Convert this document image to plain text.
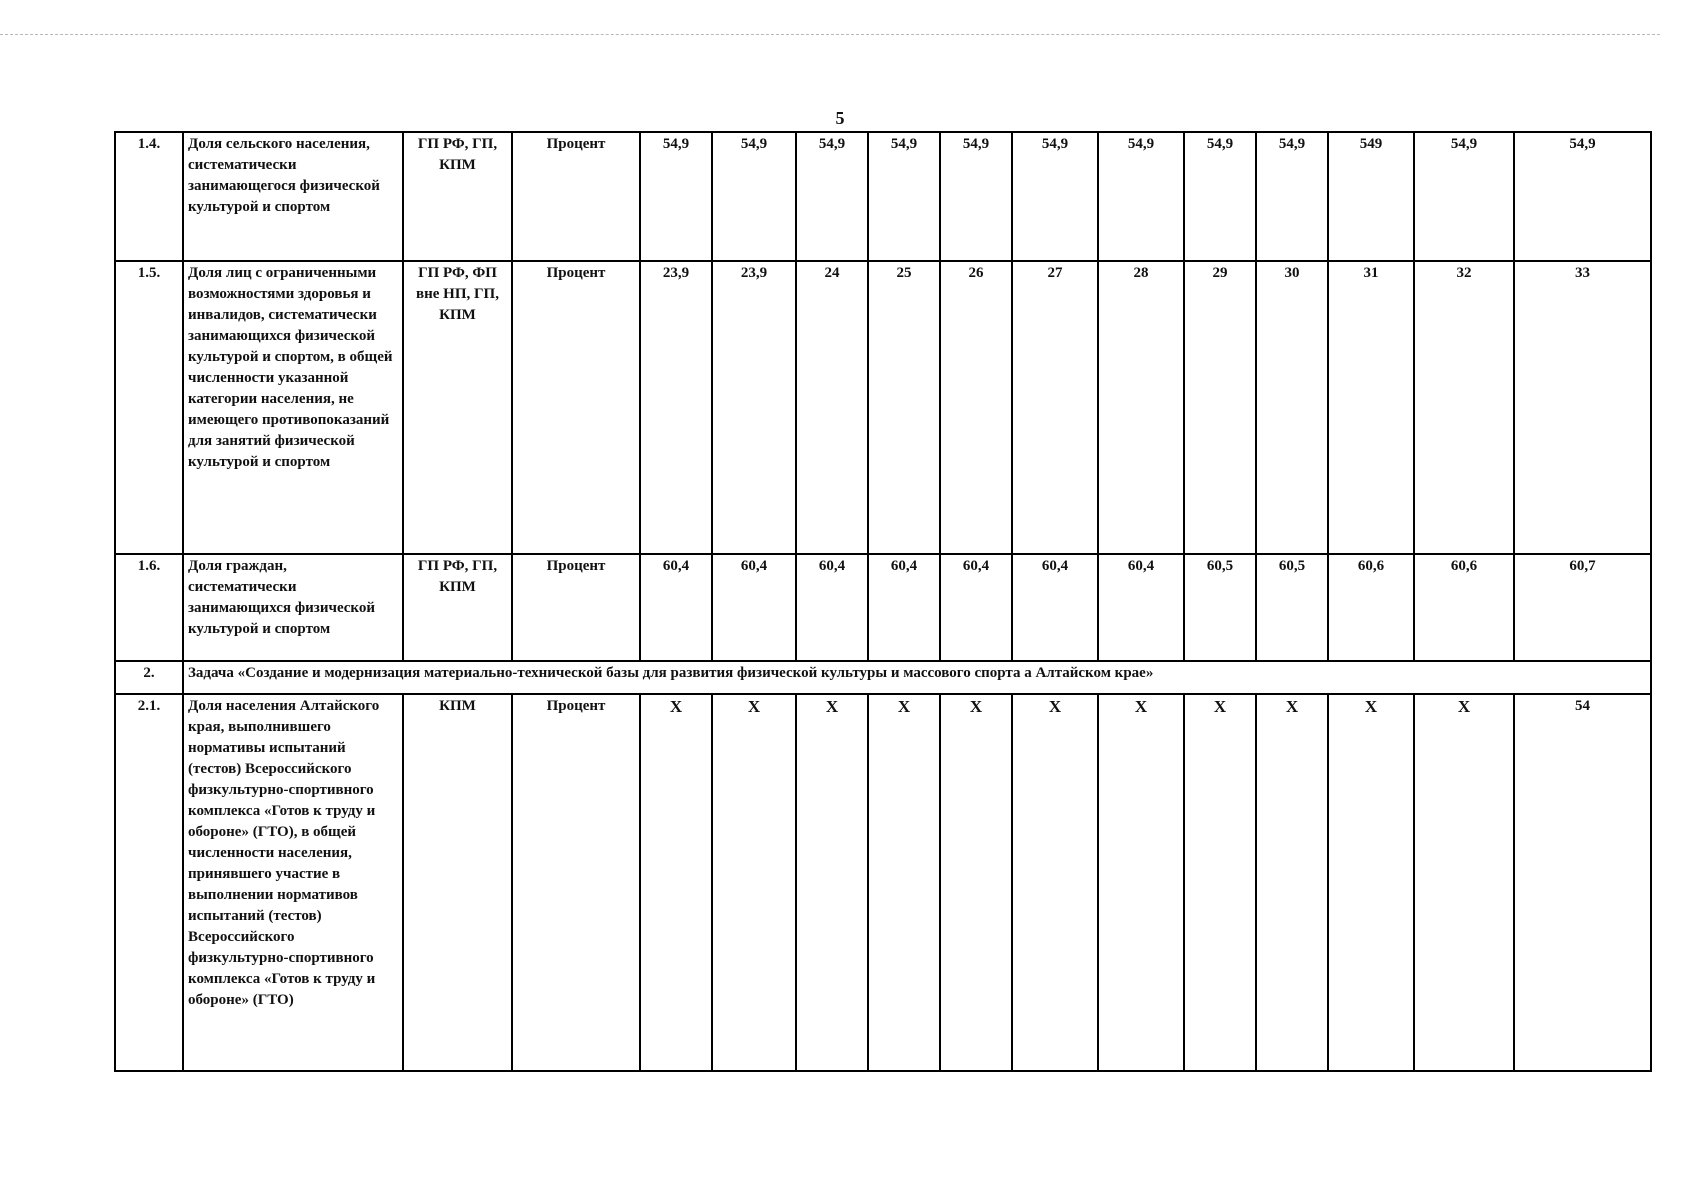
5
1.4.	Доля сельского населения, систематически занимающегося физической культурой и спортом	ГП РФ, ГП, КПМ	Процент	54,9	54,9	54,9	54,9	54,9	54,9	54,9	54,9	54,9	549	54,9	54,9
1.5.	Доля лиц с ограниченными возможностями здоровья и инвалидов, систематически занимающихся физической культурой и спортом, в общей численности указанной категории населения, не имеющего противопоказаний для занятий физической культурой и спортом	ГП РФ, ФП вне НП, ГП, КПМ	Процент	23,9	23,9	24	25	26	27	28	29	30	31	32	33
1.6.	Доля граждан, систематически занимающихся физической культурой и спортом	ГП РФ, ГП, КПМ	Процент	60,4	60,4	60,4	60,4	60,4	60,4	60,4	60,5	60,5	60,6	60,6	60,7
2.	Задача «Создание и модернизация материально-технической базы для развития физической культуры и массового спорта а Алтайском крае»														
2.1.	Доля населения Алтайского края, выполнившего нормативы испытаний (тестов) Всероссийского физкультурно-спортивного комплекса «Готов к труду и обороне» (ГТО), в общей численности населения, принявшего участие в выполнении нормативов испытаний (тестов) Всероссийского физкультурно-спортивного комплекса «Готов к труду и обороне» (ГТО)	КПМ	Процент	X	X	X	X	X	X	X	X	X	X	X	54
